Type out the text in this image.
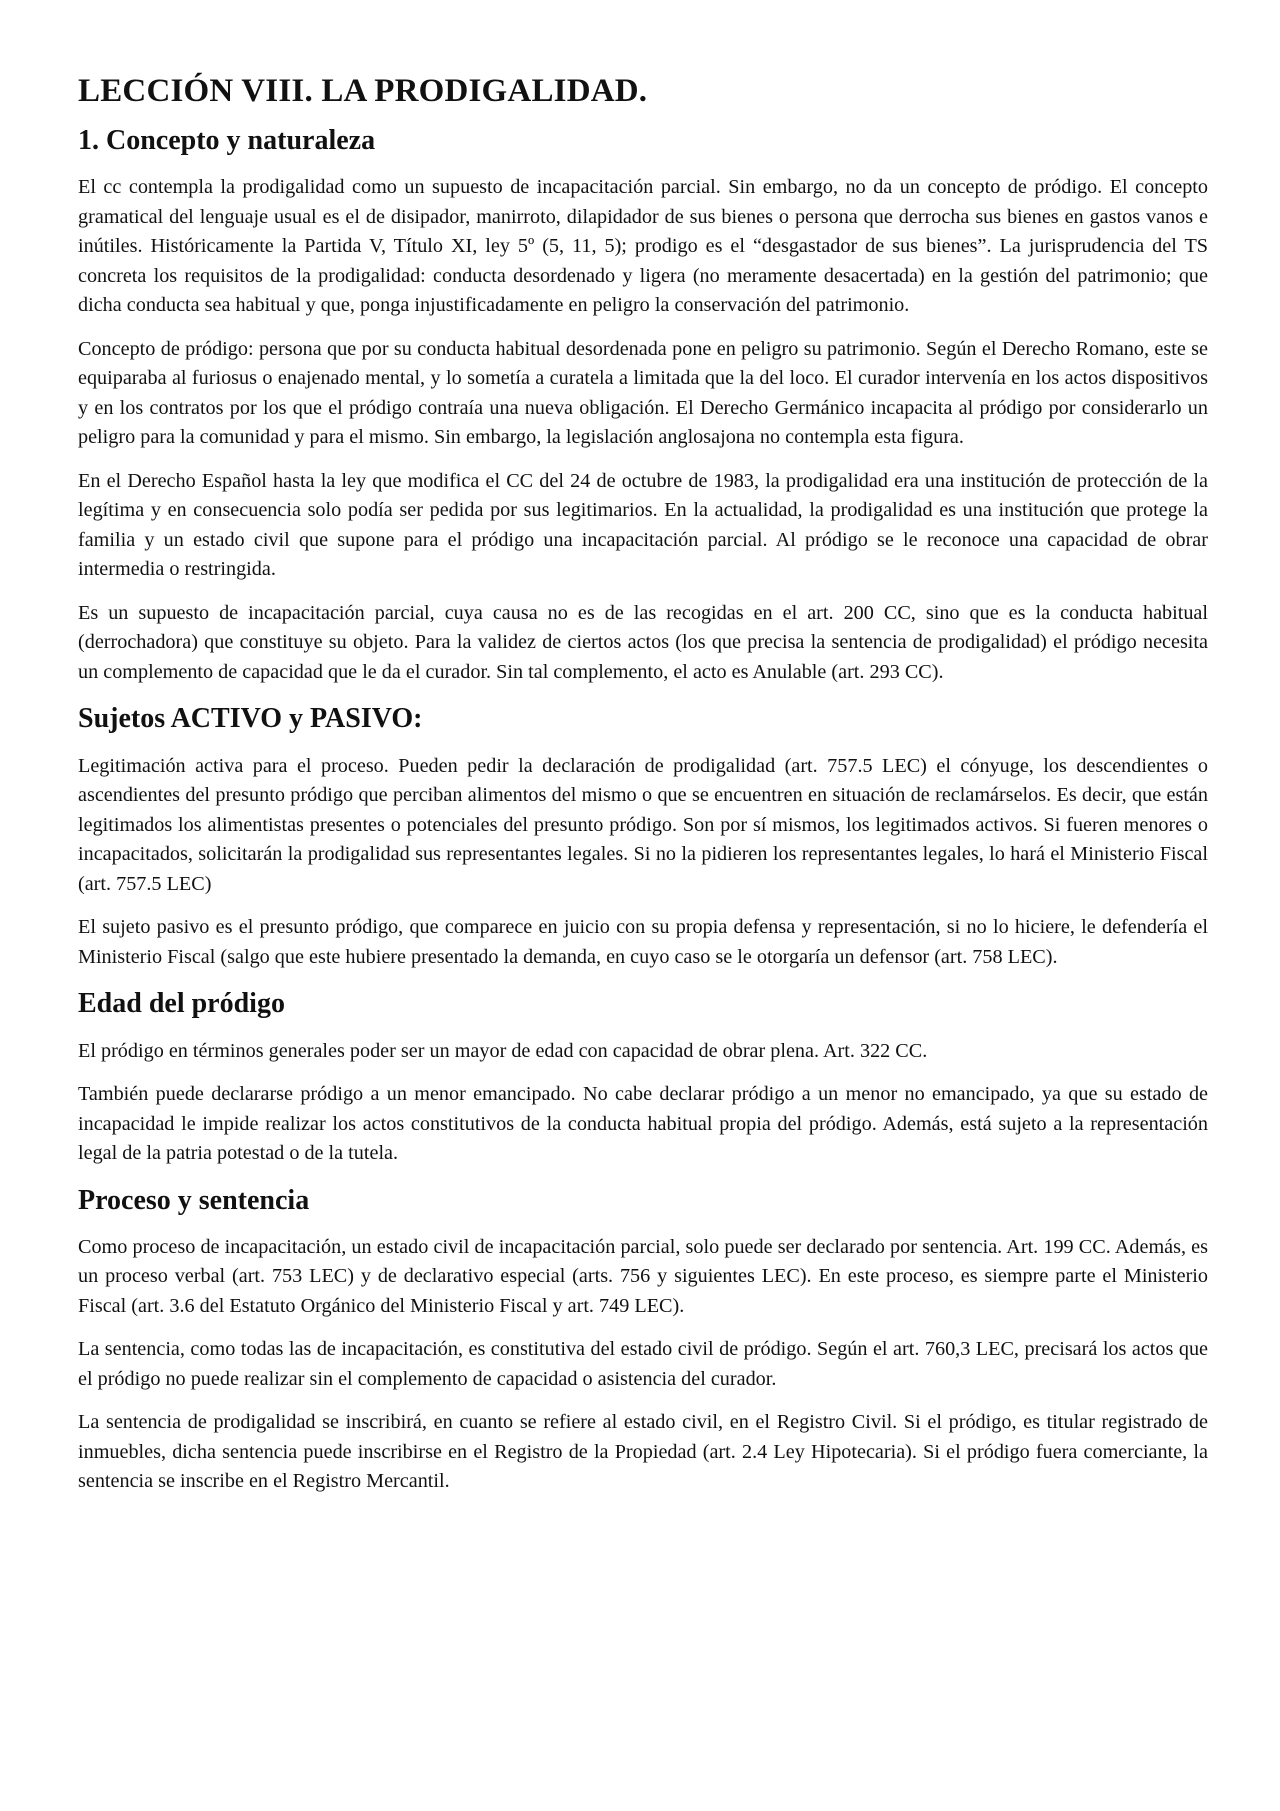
LECCIÓN VIII. LA PRODIGALIDAD.
1. Concepto y naturaleza

El cc contempla la prodigalidad como un supuesto de incapacitación parcial. Sin embargo, no da un concepto de pródigo. El concepto gramatical del lenguaje usual es el de disipador, manirroto, dilapidador de sus bienes o persona que derrocha sus bienes en gastos vanos e inútiles. Históricamente la Partida V, Título XI, ley 5º (5, 11, 5); prodigo es el “desgastador de sus bienes”. La jurisprudencia del TS concreta los requisitos de la prodigalidad: conducta desordenado y ligera (no meramente desacertada) en la gestión del patrimonio; que dicha conducta sea habitual y que, ponga injustificadamente en peligro la conservación del patrimonio.

Concepto de pródigo: persona que por su conducta habitual desordenada pone en peligro su patrimonio. Según el Derecho Romano, este se equiparaba al furiosus o enajenado mental, y lo sometía a curatela a limitada que la del loco. El curador intervenía en los actos dispositivos y en los contratos por los que el pródigo contraía una nueva obligación. El Derecho Germánico incapacita al pródigo por considerarlo un peligro para la comunidad y para el mismo. Sin embargo, la legislación anglosajona no contempla esta figura.

En el Derecho Español hasta la ley que modifica el CC del 24 de octubre de 1983, la prodigalidad era una institución de protección de la legítima y en consecuencia solo podía ser pedida por sus legitimarios. En la actualidad, la prodigalidad es una institución que protege la familia y un estado civil que supone para el pródigo una incapacitación parcial. Al pródigo se le reconoce una capacidad de obrar intermedia o restringida.

Es un supuesto de incapacitación parcial, cuya causa no es de las recogidas en el art. 200 CC, sino que es la conducta habitual (derrochadora) que constituye su objeto. Para la validez de ciertos actos (los que precisa la sentencia de prodigalidad) el pródigo necesita un complemento de capacidad que le da el curador. Sin tal complemento, el acto es Anulable (art. 293 CC).

Sujetos ACTIVO y PASIVO:

Legitimación activa para el proceso. Pueden pedir la declaración de prodigalidad (art. 757.5 LEC) el cónyuge, los descendientes o ascendientes del presunto pródigo que perciban alimentos del mismo o que se encuentren en situación de reclamárselos. Es decir, que están legitimados los alimentistas presentes o potenciales del presunto pródigo. Son por sí mismos, los legitimados activos. Si fueren menores o incapacitados, solicitarán la prodigalidad sus representantes legales. Si no la pidieren los representantes legales, lo hará el Ministerio Fiscal (art. 757.5 LEC)

El sujeto pasivo es el presunto pródigo, que comparece en juicio con su propia defensa y representación, si no lo hiciere, le defendería el Ministerio Fiscal (salgo que este hubiere presentado la demanda, en cuyo caso se le otorgaría un defensor (art. 758 LEC).

Edad del pródigo

El pródigo en términos generales poder ser un mayor de edad con capacidad de obrar plena. Art. 322 CC.

También puede declararse pródigo a un menor emancipado. No cabe declarar pródigo a un menor no emancipado, ya que su estado de incapacidad le impide realizar los actos constitutivos de la conducta habitual propia del pródigo. Además, está sujeto a la representación legal de la patria potestad o de la tutela.

Proceso y sentencia

Como proceso de incapacitación, un estado civil de incapacitación parcial, solo puede ser declarado por sentencia. Art. 199 CC. Además, es un proceso verbal (art. 753 LEC) y de declarativo especial (arts. 756 y siguientes LEC). En este proceso, es siempre parte el Ministerio Fiscal (art. 3.6 del Estatuto Orgánico del Ministerio Fiscal y art. 749 LEC).

La sentencia, como todas las de incapacitación, es constitutiva del estado civil de pródigo. Según el art. 760,3 LEC, precisará los actos que el pródigo no puede realizar sin el complemento de capacidad o asistencia del curador.

La sentencia de prodigalidad se inscribirá, en cuanto se refiere al estado civil, en el Registro Civil. Si el pródigo, es titular registrado de inmuebles, dicha sentencia puede inscribirse en el Registro de la Propiedad (art. 2.4 Ley Hipotecaria). Si el pródigo fuera comerciante, la sentencia se inscribe en el Registro Mercantil.
